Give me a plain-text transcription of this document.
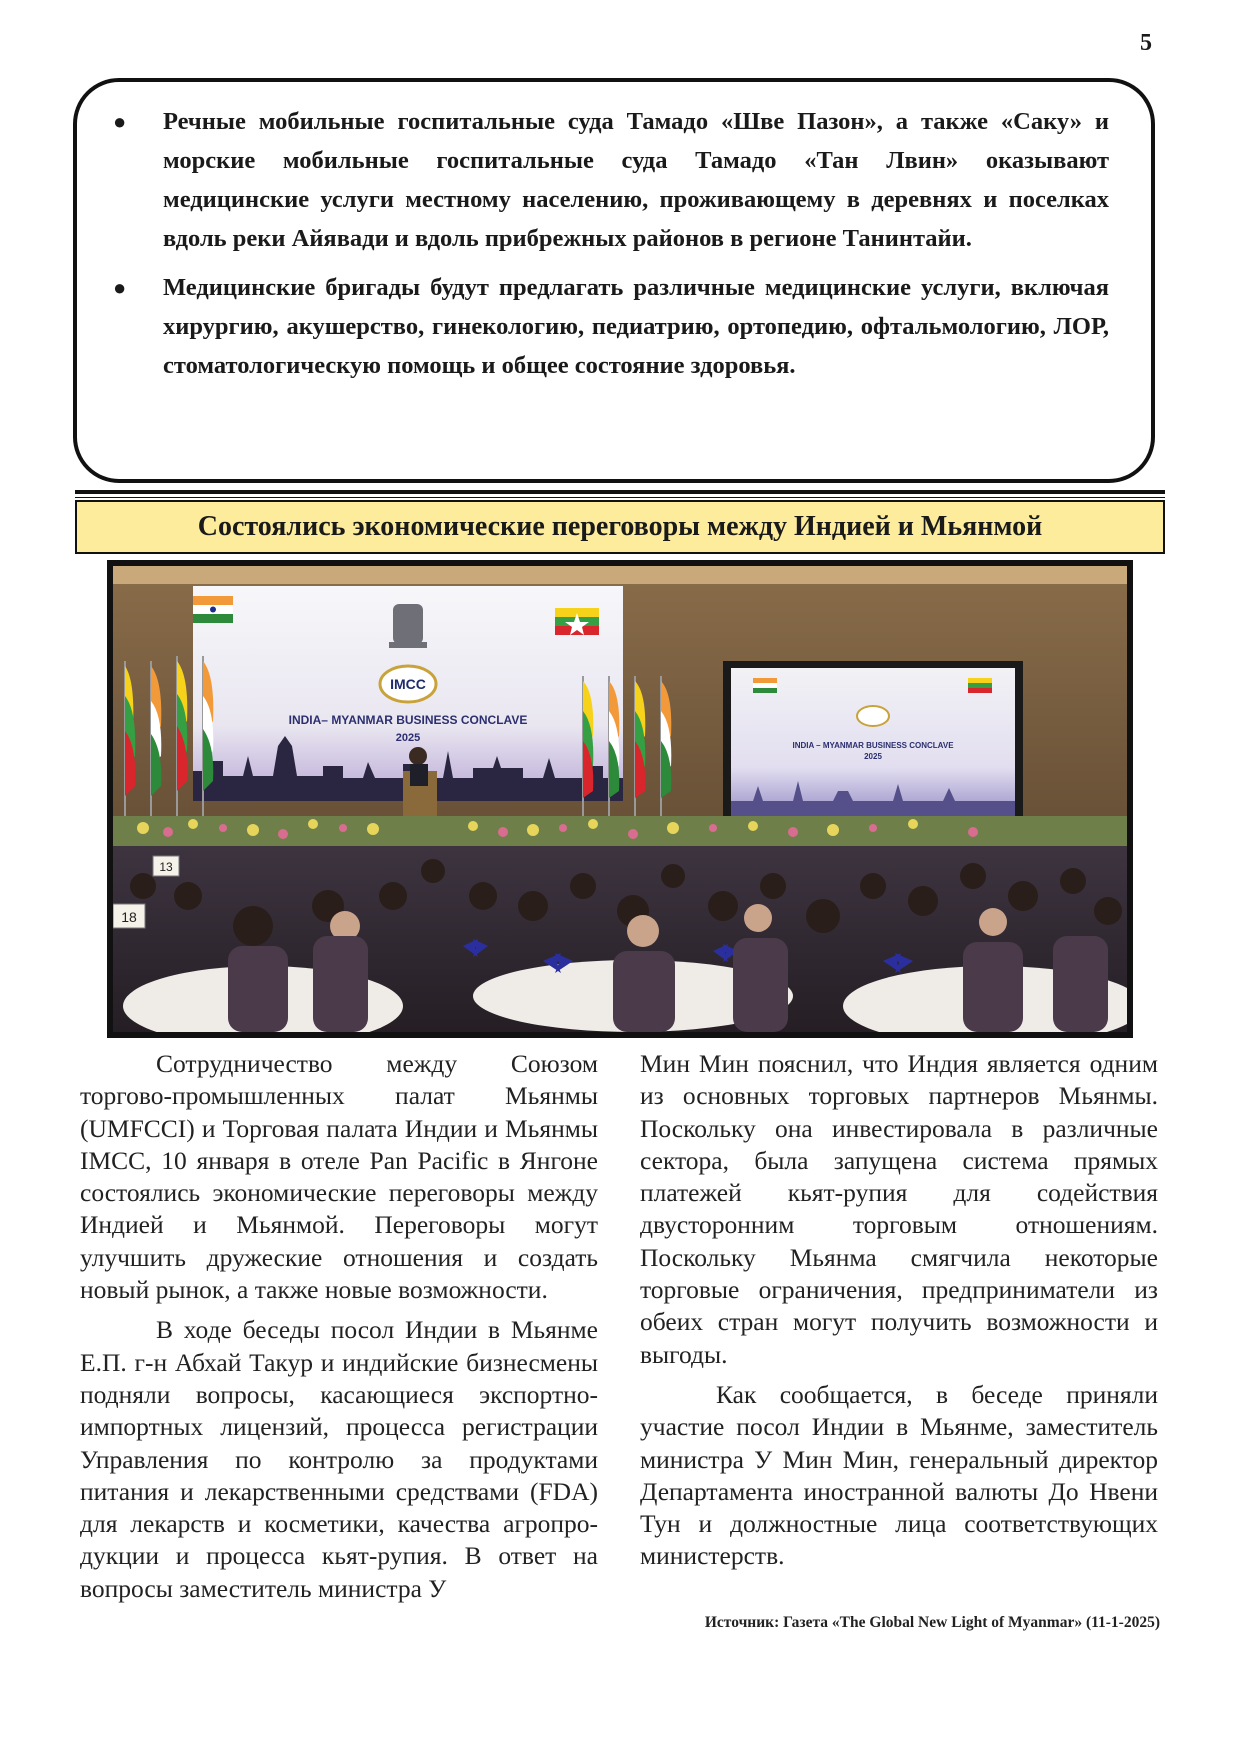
5
● Речные мобильные госпитальные суда Тамадо «Шве Пазон», а также «Саку» и морские мобильные госпитальные суда Тамадо «Тан Лвин» оказывают медицинские услуги местному населению, проживающему в деревнях и поселках вдоль реки Айявади и вдоль прибрежных районов в регионе Танинтайи.
● Медицинские бригады будут предлагать различные медицинские услуги, включая хирургию, акушерство, гинекологию, педиатрию, ортопедию, офтальмологию, ЛОР, стоматологическую помощь и общее состояние здоровья.
Состоялись экономические переговоры между Индией и Мьянмой
IMCC
INDIA– MYANMAR BUSINESS CONCLAVE
2025
INDIA – MYANMAR BUSINESS CONCLAVE
2025
13
18

Сотрудничество между Союзом торгово-промышленных палат Мьянмы (UMFCCI) и Торговая палата Индии и Мьянмы IMCC, 10 января в отеле Pan Pacific в Янгоне состоялись экономические переговоры между Индией и Мьянмой. Переговоры могут улучшить дружеские отношения и создать новый рынок, а также новые возможности.

В ходе беседы посол Индии в Мьянме Е.П. г-н Абхай Такур и индийские бизнесмены подняли вопросы, касающиеся экспортно-импортных лицензий, процесса регистрации Управления по контролю за продуктами питания и лекарственными средствами (FDA) для лекарств и косметики, качества агропродукции и процесса кьят-рупия. В ответ на вопросы заместитель министра У

Мин Мин пояснил, что Индия является одним из основных торговых партнеров Мьянмы. Поскольку она инвестировала в различные сектора, была запущена система прямых платежей кьят-рупия для содействия двусторонним торговым отношениям. Поскольку Мьянма смягчила некоторые торговые ограничения, предприниматели из обеих стран могут получить возможности и выгоды.

Как сообщается, в беседе приняли участие посол Индии в Мьянме, заместитель министра У Мин Мин, генеральный директор Департамента иностранной валюты До Нвени Тун и должностные лица соответствующих министерств.

Источник: Газета «The Global New Light of Myanmar» (11-1-2025)
